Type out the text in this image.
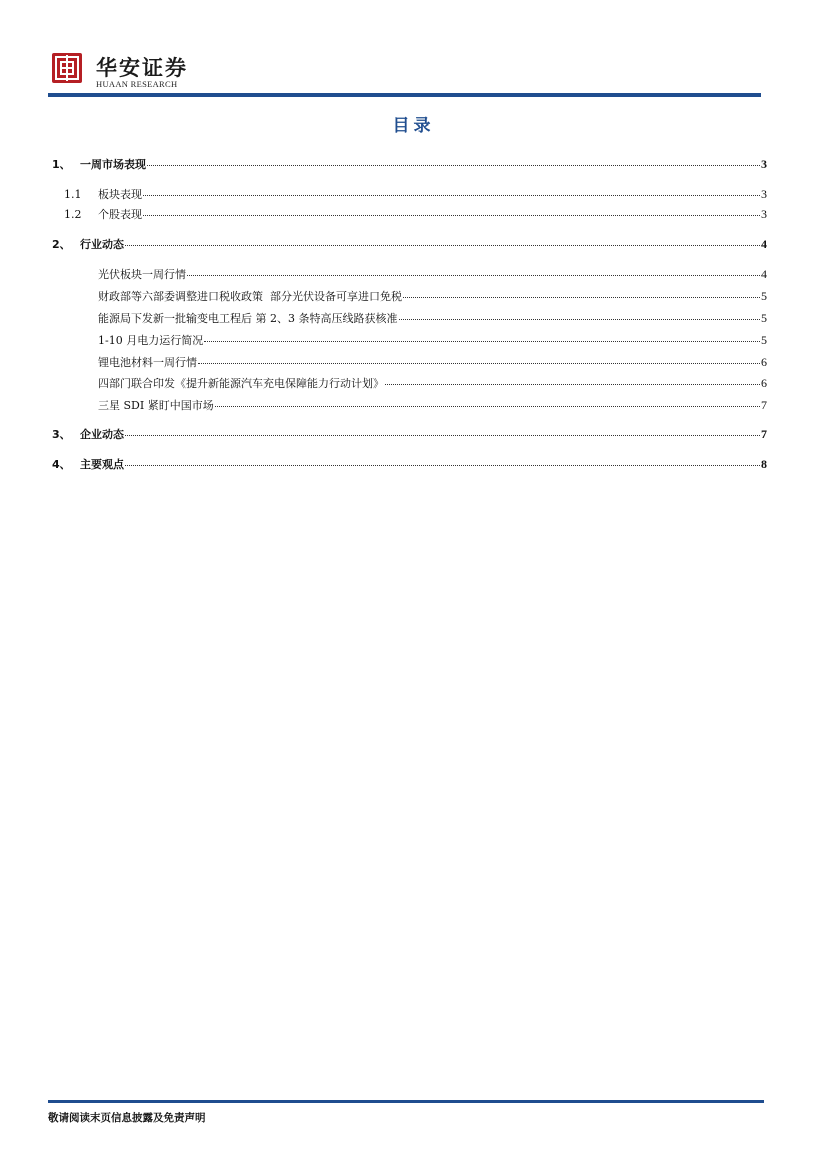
华安证券
HUAAN RESEARCH
目录
1、 一周市场表现	3
1.1	板块表现	3
1.2	个股表现	3
2、 行业动态	4
光伏板块一周行情	4
财政部等六部委调整进口税收政策  部分光伏设备可享进口免税	5
能源局下发新一批输变电工程后 第 2、3 条特高压线路获核准	5
1-10 月电力运行简况	5
锂电池材料一周行情	6
四部门联合印发《提升新能源汽车充电保障能力行动计划》	6
三星 SDI 紧盯中国市场	7
3、 企业动态	7
4、 主要观点	8
敬请阅读末页信息披露及免责声明
